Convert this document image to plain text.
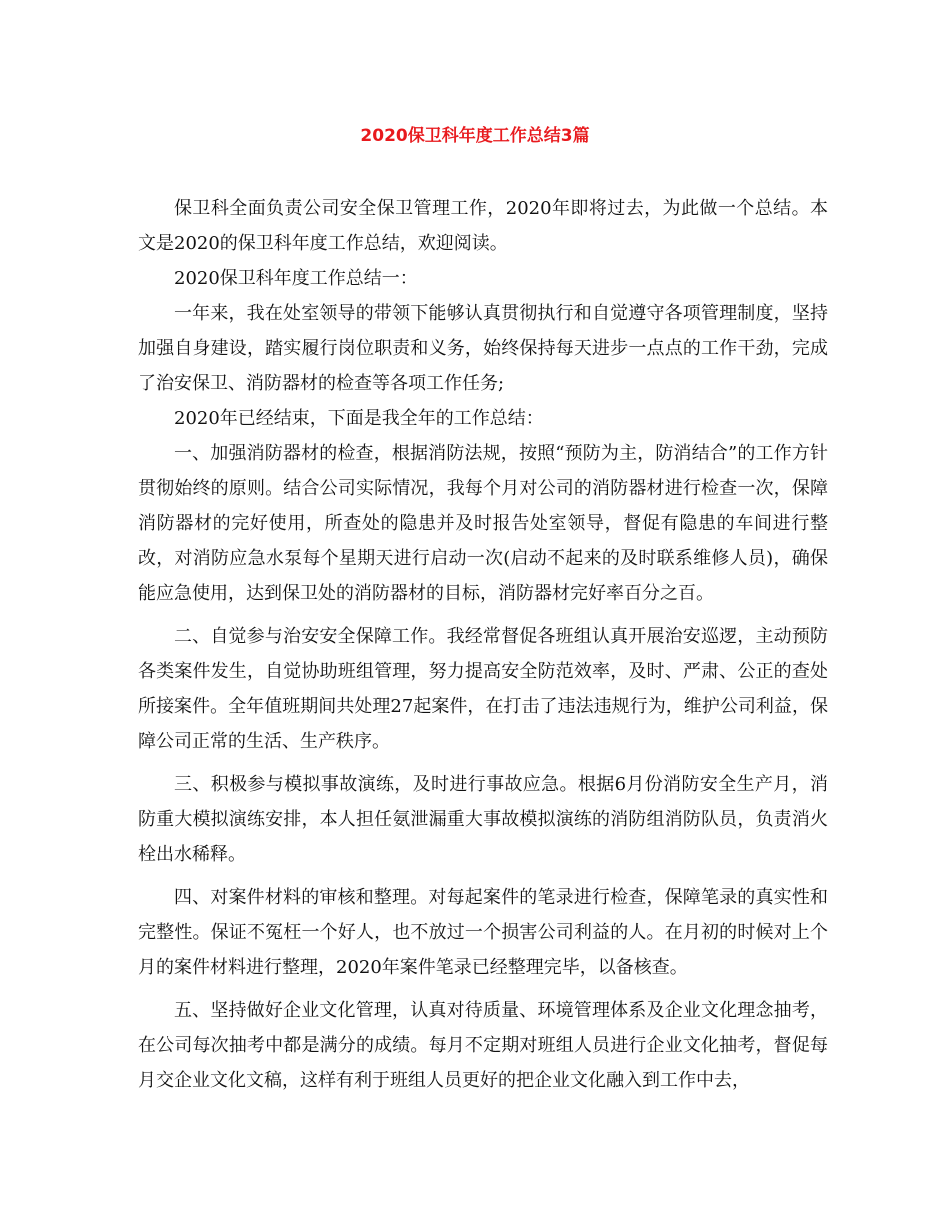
2020保卫科年度工作总结3篇

保卫科全面负责公司安全保卫管理工作，2020年即将过去，为此做一个总结。本文是2020的保卫科年度工作总结，欢迎阅读。

2020保卫科年度工作总结一：

一年来，我在处室领导的带领下能够认真贯彻执行和自觉遵守各项管理制度，坚持加强自身建设，踏实履行岗位职责和义务，始终保持每天进步一点点的工作干劲，完成了治安保卫、消防器材的检查等各项工作任务;

2020年已经结束，下面是我全年的工作总结：

一、加强消防器材的检查，根据消防法规，按照“预防为主，防消结合”的工作方针贯彻始终的原则。结合公司实际情况，我每个月对公司的消防器材进行检查一次，保障消防器材的完好使用，所查处的隐患并及时报告处室领导，督促有隐患的车间进行整改，对消防应急水泵每个星期天进行启动一次(启动不起来的及时联系维修人员)，确保能应急使用，达到保卫处的消防器材的目标，消防器材完好率百分之百。

二、自觉参与治安安全保障工作。我经常督促各班组认真开展治安巡逻，主动预防各类案件发生，自觉协助班组管理，努力提高安全防范效率，及时、严肃、公正的查处所接案件。全年值班期间共处理27起案件，在打击了违法违规行为，维护公司利益，保障公司正常的生活、生产秩序。

三、积极参与模拟事故演练，及时进行事故应急。根据6月份消防安全生产月，消防重大模拟演练安排，本人担任氨泄漏重大事故模拟演练的消防组消防队员，负责消火栓出水稀释。

四、对案件材料的审核和整理。对每起案件的笔录进行检查，保障笔录的真实性和完整性。保证不冤枉一个好人，也不放过一个损害公司利益的人。在月初的时候对上个月的案件材料进行整理，2020年案件笔录已经整理完毕，以备核查。

五、坚持做好企业文化管理，认真对待质量、环境管理体系及企业文化理念抽考，在公司每次抽考中都是满分的成绩。每月不定期对班组人员进行企业文化抽考，督促每月交企业文化文稿，这样有利于班组人员更好的把企业文化融入到工作中去，
